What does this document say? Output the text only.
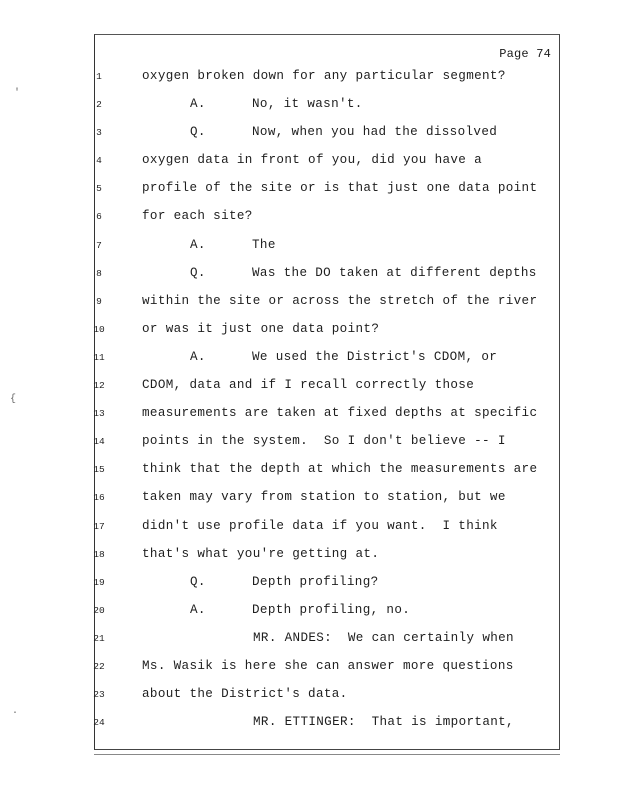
Page 74
1	oxygen broken down for any particular segment?
2	A.	No, it wasn't.
3	Q.	Now, when you had the dissolved
4	oxygen data in front of you, did you have a
5	profile of the site or is that just one data point
6	for each site?
7	A.	The
8	Q.	Was the DO taken at different depths
9	within the site or across the stretch of the river
10	or was it just one data point?
11	A.	We used the District's CDOM, or
12	CDOM, data and if I recall correctly those
13	measurements are taken at fixed depths at specific
14	points in the system.  So I don't believe -- I
15	think that the depth at which the measurements are
16	taken may vary from station to station, but we
17	didn't use profile data if you want.  I think
18	that's what you're getting at.
19	Q.	Depth profiling?
20	A.	Depth profiling, no.
21	MR. ANDES:  We can certainly when
22	Ms. Wasik is here she can answer more questions
23	about the District's data.
24	MR. ETTINGER:  That is important,
'
{
·
